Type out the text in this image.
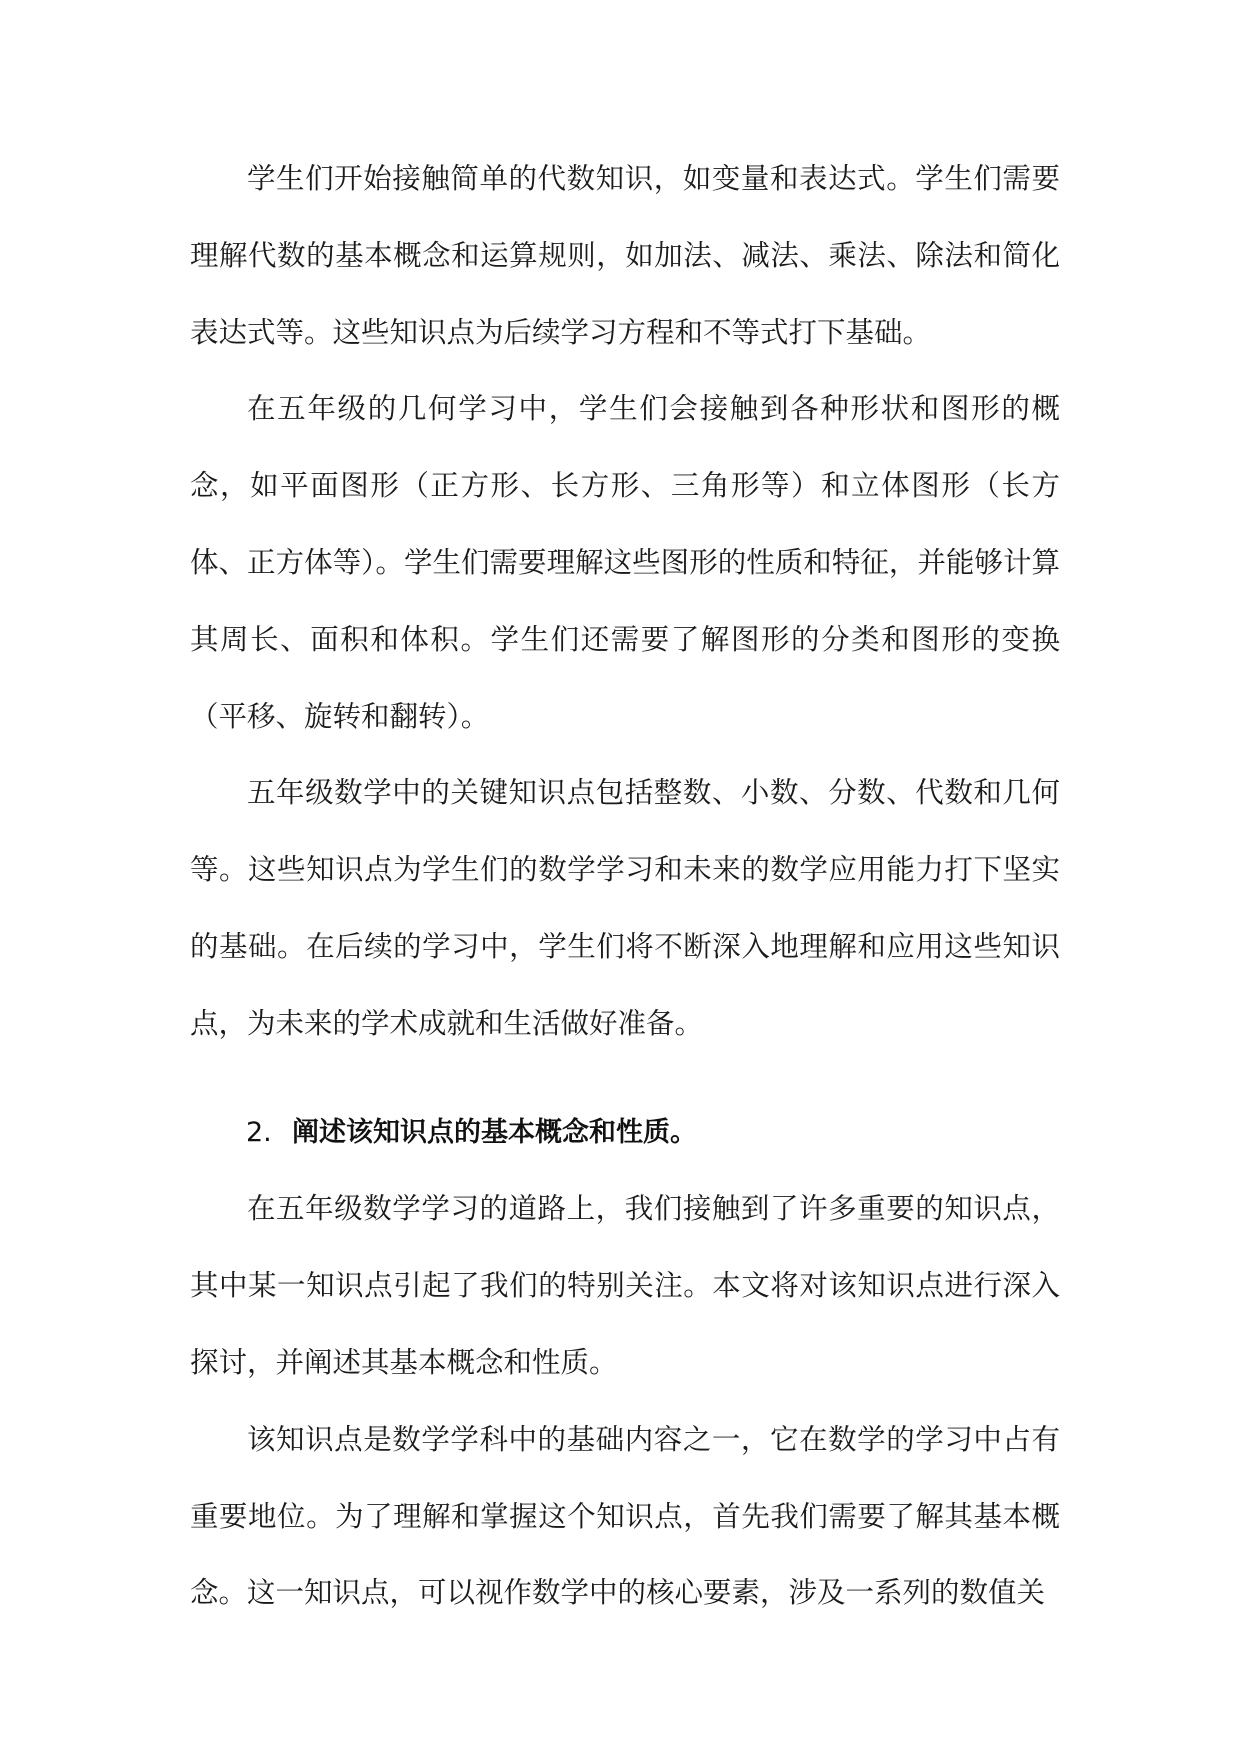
学生们开始接触简单的代数知识，如变量和表达式。学生们需要理解代数的基本概念和运算规则，如加法、减法、乘法、除法和简化表达式等。这些知识点为后续学习方程和不等式打下基础。

在五年级的几何学习中，学生们会接触到各种形状和图形的概念，如平面图形（正方形、长方形、三角形等）和立体图形（长方体、正方体等）。学生们需要理解这些图形的性质和特征，并能够计算其周长、面积和体积。学生们还需要了解图形的分类和图形的变换（平移、旋转和翻转）。

五年级数学中的关键知识点包括整数、小数、分数、代数和几何等。这些知识点为学生们的数学学习和未来的数学应用能力打下坚实的基础。在后续的学习中，学生们将不断深入地理解和应用这些知识点，为未来的学术成就和生活做好准备。

2. 阐述该知识点的基本概念和性质。

在五年级数学学习的道路上，我们接触到了许多重要的知识点，其中某一知识点引起了我们的特别关注。本文将对该知识点进行深入探讨，并阐述其基本概念和性质。

该知识点是数学学科中的基础内容之一，它在数学的学习中占有重要地位。为了理解和掌握这个知识点，首先我们需要了解其基本概念。这一知识点，可以视作数学中的核心要素，涉及一系列的数值关
